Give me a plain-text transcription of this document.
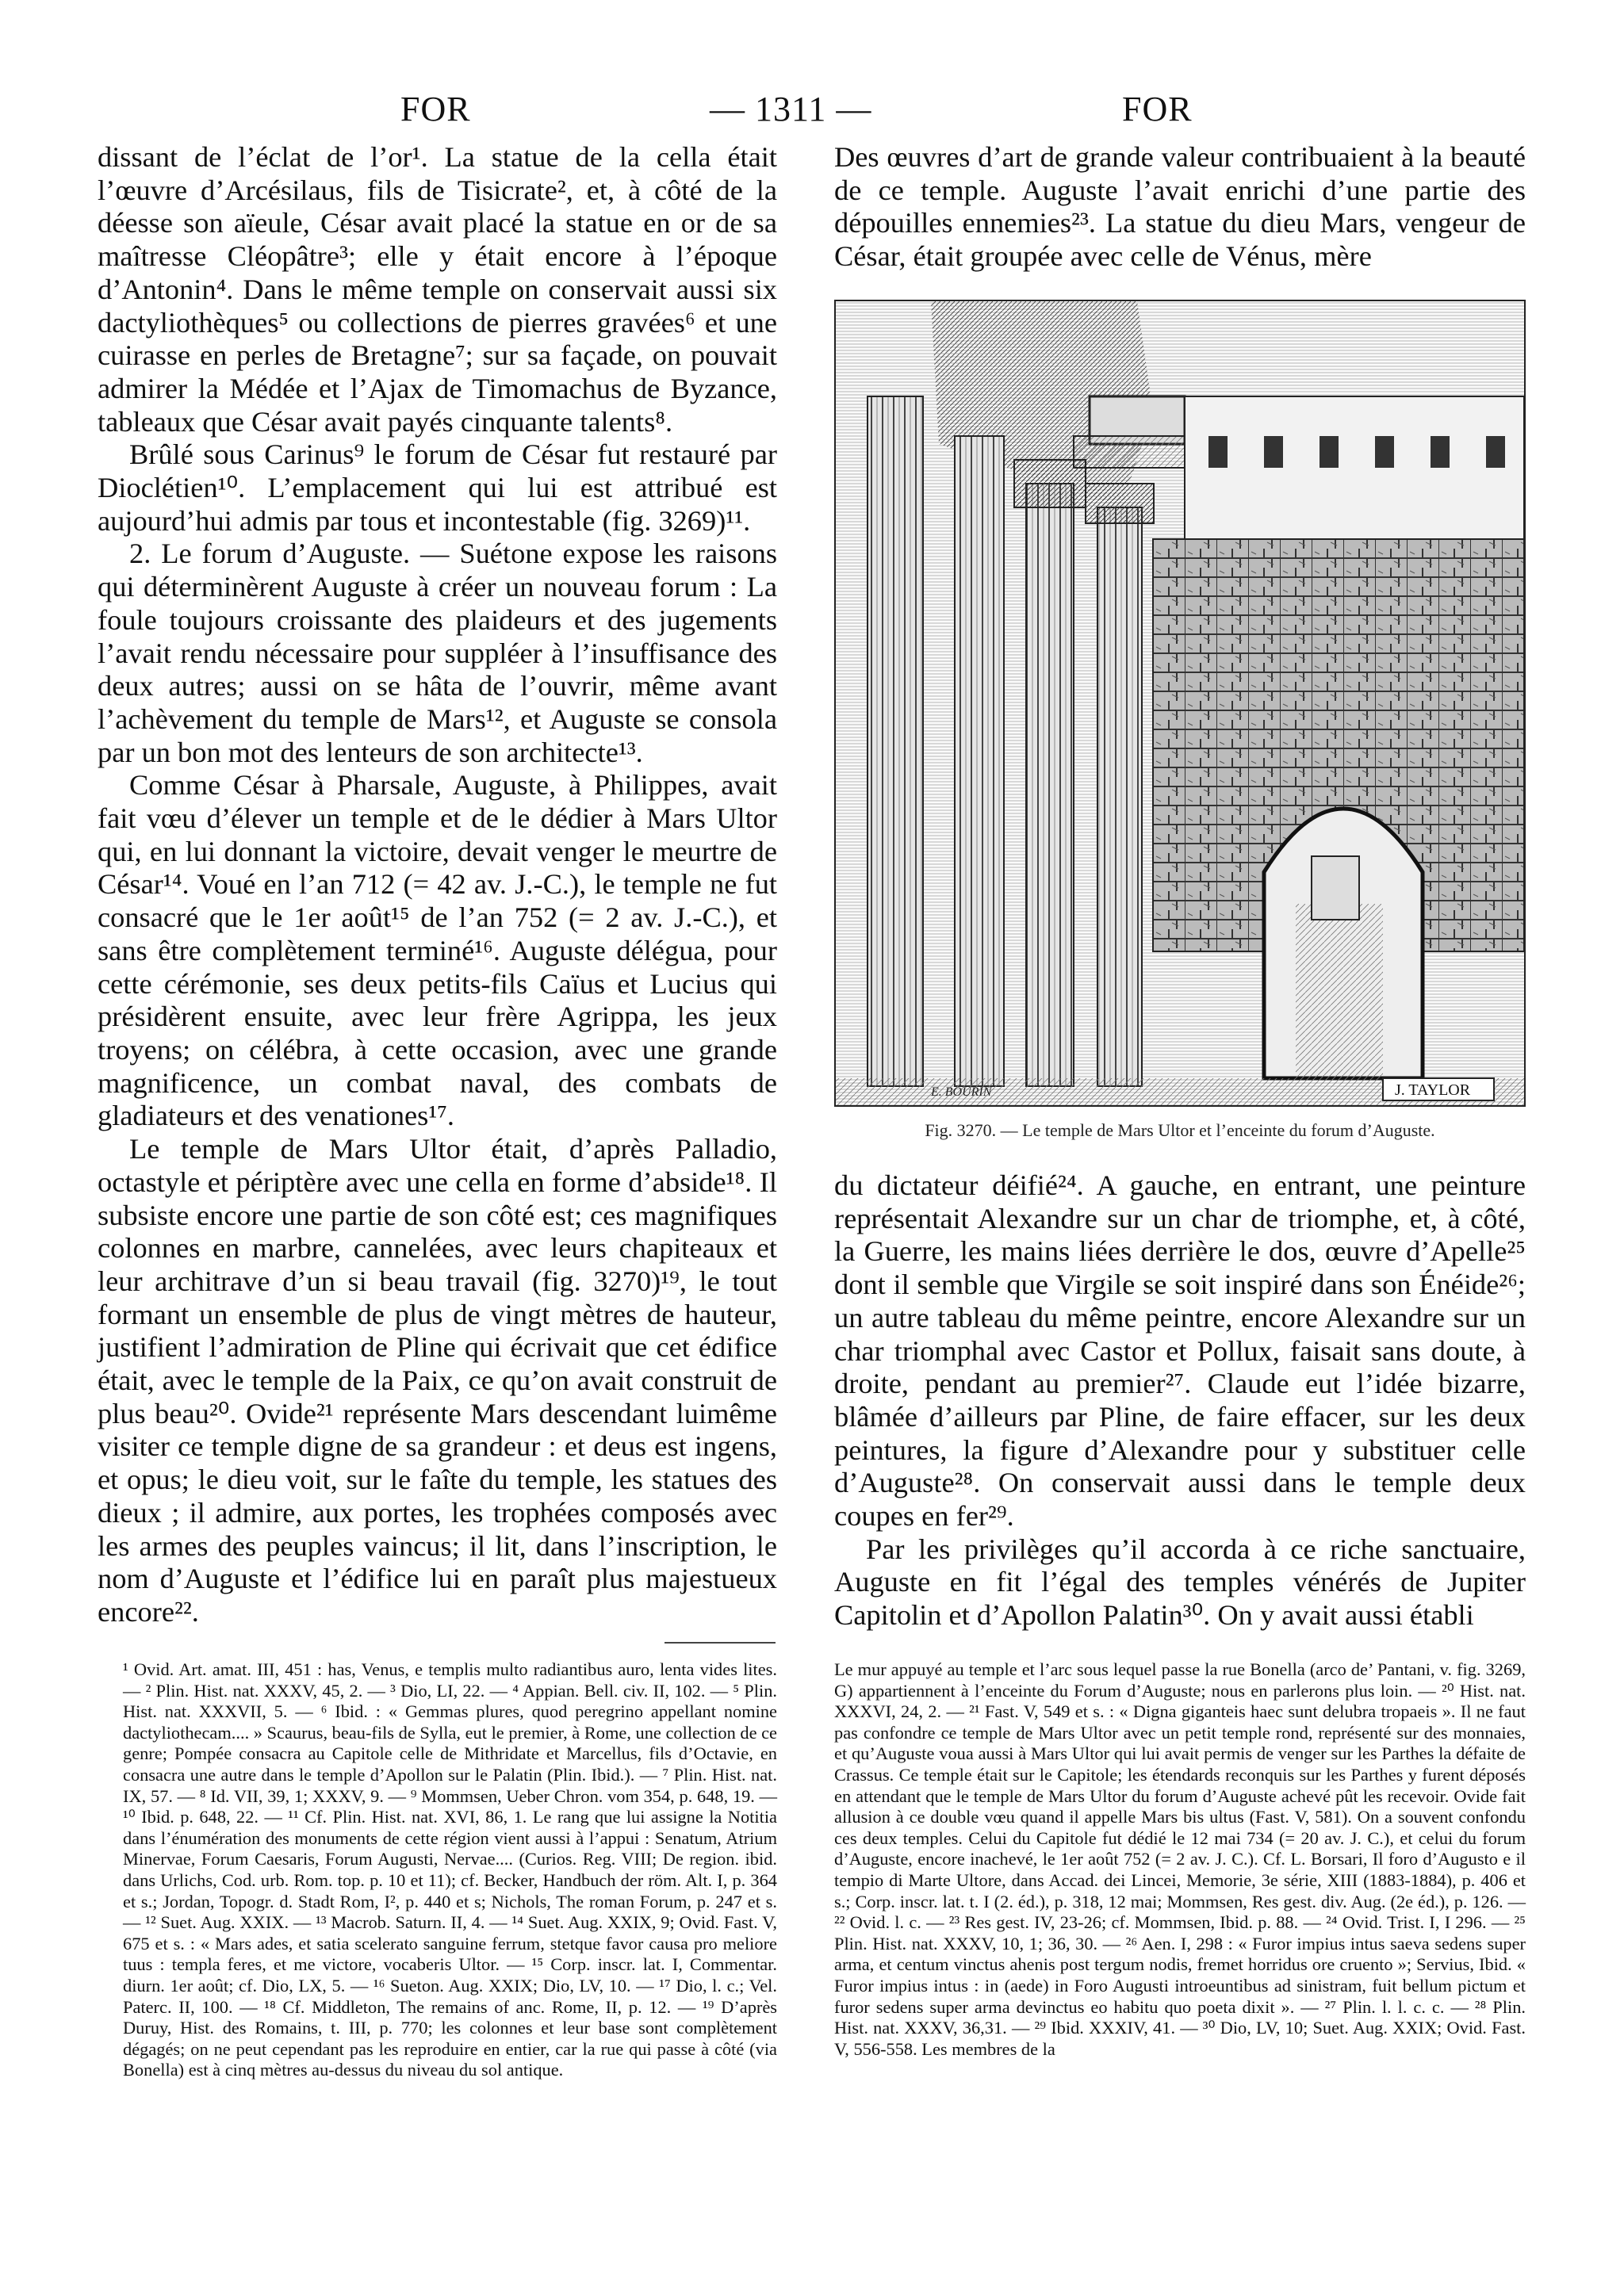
FOR	— 1311 —	FOR

dissant de l’éclat de l’or¹. La statue de la cella était l’œuvre d’Arcésilaus, fils de Tisicrate², et, à côté de la déesse son aïeule, César avait placé la statue en or de sa maîtresse Cléopâtre³; elle y était encore à l’époque d’Antonin⁴. Dans le même temple on conservait aussi six dactyliothèques⁵ ou collections de pierres gravées⁶ et une cuirasse en perles de Bretagne⁷; sur sa façade, on pouvait admirer la Médée et l’Ajax de Timomachus de Byzance, tableaux que César avait payés cinquante talents⁸.

Brûlé sous Carinus⁹ le forum de César fut restauré par Dioclétien¹⁰. L’emplacement qui lui est attribué est aujourd’hui admis par tous et incontestable (fig. 3269)¹¹.

2. Le forum d’Auguste. — Suétone expose les raisons qui déterminèrent Auguste à créer un nouveau forum : La foule toujours croissante des plaideurs et des jugements l’avait rendu nécessaire pour suppléer à l’insuffisance des deux autres; aussi on se hâta de l’ouvrir, même avant l’achèvement du temple de Mars¹², et Auguste se consola par un bon mot des lenteurs de son architecte¹³.

Comme César à Pharsale, Auguste, à Philippes, avait fait vœu d’élever un temple et de le dédier à Mars Ultor qui, en lui donnant la victoire, devait venger le meurtre de César¹⁴. Voué en l’an 712 (= 42 av. J.-C.), le temple ne fut consacré que le 1er août¹⁵ de l’an 752 (= 2 av. J.-C.), et sans être complètement terminé¹⁶. Auguste délégua, pour cette cérémonie, ses deux petits-fils Caïus et Lucius qui présidèrent ensuite, avec leur frère Agrippa, les jeux troyens; on célébra, à cette occasion, avec une grande magnificence, un combat naval, des combats de gladiateurs et des venationes¹⁷.

Le temple de Mars Ultor était, d’après Palladio, octastyle et périptère avec une cella en forme d’abside¹⁸. Il subsiste encore une partie de son côté est; ces magnifiques colonnes en marbre, cannelées, avec leurs chapiteaux et leur architrave d’un si beau travail (fig. 3270)¹⁹, le tout formant un ensemble de plus de vingt mètres de hauteur, justifient l’admiration de Pline qui écrivait que cet édifice était, avec le temple de la Paix, ce qu’on avait construit de plus beau²⁰. Ovide²¹ représente Mars descendant luimême visiter ce temple digne de sa grandeur : et deus est ingens, et opus; le dieu voit, sur le faîte du temple, les statues des dieux ; il admire, aux portes, les trophées composés avec les armes des peuples vaincus; il lit, dans l’inscription, le nom d’Auguste et l’édifice lui en paraît plus majestueux encore²².

Des œuvres d’art de grande valeur contribuaient à la beauté de ce temple. Auguste l’avait enrichi d’une partie des dépouilles ennemies²³. La statue du dieu Mars, vengeur de César, était groupée avec celle de Vénus, mère

E. BOURIN	J. TAYLOR
Fig. 3270. — Le temple de Mars Ultor et l’enceinte du forum d’Auguste.

du dictateur déifié²⁴. A gauche, en entrant, une peinture représentait Alexandre sur un char de triomphe, et, à côté, la Guerre, les mains liées derrière le dos, œuvre d’Apelle²⁵ dont il semble que Virgile se soit inspiré dans son Énéide²⁶; un autre tableau du même peintre, encore Alexandre sur un char triomphal avec Castor et Pollux, faisait sans doute, à droite, pendant au premier²⁷. Claude eut l’idée bizarre, blâmée d’ailleurs par Pline, de faire effacer, sur les deux peintures, la figure d’Alexandre pour y substituer celle d’Auguste²⁸. On conservait aussi dans le temple deux coupes en fer²⁹.

Par les privilèges qu’il accorda à ce riche sanctuaire, Auguste en fit l’égal des temples vénérés de Jupiter Capitolin et d’Apollon Palatin³⁰. On y avait aussi établi

¹ Ovid. Art. amat. III, 451 : has, Venus, e templis multo radiantibus auro, lenta vides lites. — ² Plin. Hist. nat. XXXV, 45, 2. — ³ Dio, LI, 22. — ⁴ Appian. Bell. civ. II, 102. — ⁵ Plin. Hist. nat. XXXVII, 5. — ⁶ Ibid. : « Gemmas plures, quod peregrino appellant nomine dactyliothecam.... » Scaurus, beau-fils de Sylla, eut le premier, à Rome, une collection de ce genre; Pompée consacra au Capitole celle de Mithridate et Marcellus, fils d’Octavie, en consacra une autre dans le temple d’Apollon sur le Palatin (Plin. Ibid.). — ⁷ Plin. Hist. nat. IX, 57. — ⁸ Id. VII, 39, 1; XXXV, 9. — ⁹ Mommsen, Ueber Chron. vom 354, p. 648, 19. — ¹⁰ Ibid. p. 648, 22. — ¹¹ Cf. Plin. Hist. nat. XVI, 86, 1. Le rang que lui assigne la Notitia dans l’énumération des monuments de cette région vient aussi à l’appui : Senatum, Atrium Minervae, Forum Caesaris, Forum Augusti, Nervae.... (Curios. Reg. VIII; De region. ibid. dans Urlichs, Cod. urb. Rom. top. p. 10 et 11); cf. Becker, Handbuch der röm. Alt. I, p. 364 et s.; Jordan, Topogr. d. Stadt Rom, I², p. 440 et s; Nichols, The roman Forum, p. 247 et s. — ¹² Suet. Aug. XXIX. — ¹³ Macrob. Saturn. II, 4. — ¹⁴ Suet. Aug. XXIX, 9; Ovid. Fast. V, 675 et s. : « Mars ades, et satia scelerato sanguine ferrum, stetque favor causa pro meliore tuus : templa feres, et me victore, vocaberis Ultor. — ¹⁵ Corp. inscr. lat. I, Commentar. diurn. 1er août; cf. Dio, LX, 5. — ¹⁶ Sueton. Aug. XXIX; Dio, LV, 10. — ¹⁷ Dio, l. c.; Vel. Paterc. II, 100. — ¹⁸ Cf. Middleton, The remains of anc. Rome, II, p. 12. — ¹⁹ D’après Duruy, Hist. des Romains, t. III, p. 770; les colonnes et leur base sont complètement dégagés; on ne peut cependant pas les reproduire en entier, car la rue qui passe à côté (via Bonella) est à cinq mètres au-dessus du niveau du sol antique.

Le mur appuyé au temple et l’arc sous lequel passe la rue Bonella (arco de’ Pantani, v. fig. 3269, G) appartiennent à l’enceinte du Forum d’Auguste; nous en parlerons plus loin. — ²⁰ Hist. nat. XXXVI, 24, 2. — ²¹ Fast. V, 549 et s. : « Digna giganteis haec sunt delubra tropaeis ». Il ne faut pas confondre ce temple de Mars Ultor avec un petit temple rond, représenté sur des monnaies, et qu’Auguste voua aussi à Mars Ultor qui lui avait permis de venger sur les Parthes la défaite de Crassus. Ce temple était sur le Capitole; les étendards reconquis sur les Parthes y furent déposés en attendant que le temple de Mars Ultor du forum d’Auguste achevé pût les recevoir. Ovide fait allusion à ce double vœu quand il appelle Mars bis ultus (Fast. V, 581). On a souvent confondu ces deux temples. Celui du Capitole fut dédié le 12 mai 734 (= 20 av. J. C.), et celui du forum d’Auguste, encore inachevé, le 1er août 752 (= 2 av. J. C.). Cf. L. Borsari, Il foro d’Augusto e il tempio di Marte Ultore, dans Accad. dei Lincei, Memorie, 3e série, XIII (1883-1884), p. 406 et s.; Corp. inscr. lat. t. I (2. éd.), p. 318, 12 mai; Mommsen, Res gest. div. Aug. (2e éd.), p. 126. — ²² Ovid. l. c. — ²³ Res gest. IV, 23-26; cf. Mommsen, Ibid. p. 88. — ²⁴ Ovid. Trist. I, I 296. — ²⁵ Plin. Hist. nat. XXXV, 10, 1; 36, 30. — ²⁶ Aen. I, 298 : « Furor impius intus saeva sedens super arma, et centum vinctus ahenis post tergum nodis, fremet horridus ore cruento »; Servius, Ibid. « Furor impius intus : in (aede) in Foro Augusti introeuntibus ad sinistram, fuit bellum pictum et furor sedens super arma devinctus eo habitu quo poeta dixit ». — ²⁷ Plin. l. l. c. c. — ²⁸ Plin. Hist. nat. XXXV, 36,31. — ²⁹ Ibid. XXXIV, 41. — ³⁰ Dio, LV, 10; Suet. Aug. XXIX; Ovid. Fast. V, 556-558. Les membres de la
